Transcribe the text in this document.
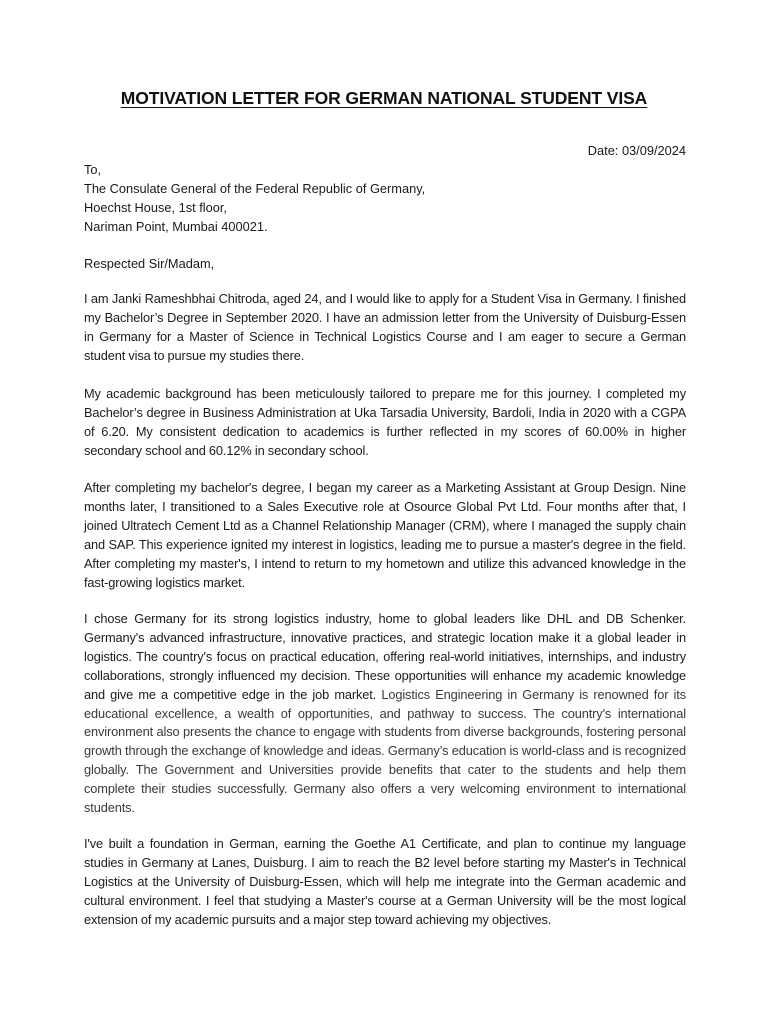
MOTIVATION LETTER FOR GERMAN NATIONAL STUDENT VISA
Date: 03/09/2024
To,
The Consulate General of the Federal Republic of Germany,
Hoechst House, 1st floor,
Nariman Point, Mumbai 400021.
Respected Sir/Madam,
I am Janki Rameshbhai Chitroda, aged 24, and I would like to apply for a Student Visa in Germany. I finished my Bachelor’s Degree in September 2020. I have an admission letter from the University of Duisburg-Essen in Germany for a Master of Science in Technical Logistics Course and I am eager to secure a German student visa to pursue my studies there.
My academic background has been meticulously tailored to prepare me for this journey. I completed my Bachelor’s degree in Business Administration at Uka Tarsadia University, Bardoli, India in 2020 with a CGPA of 6.20. My consistent dedication to academics is further reflected in my scores of 60.00% in higher secondary school and 60.12% in secondary school.
After completing my bachelor's degree, I began my career as a Marketing Assistant at Group Design. Nine months later, I transitioned to a Sales Executive role at Osource Global Pvt Ltd. Four months after that, I joined Ultratech Cement Ltd as a Channel Relationship Manager (CRM), where I managed the supply chain and SAP. This experience ignited my interest in logistics, leading me to pursue a master's degree in the field. After completing my master's, I intend to return to my hometown and utilize this advanced knowledge in the fast-growing logistics market.
I chose Germany for its strong logistics industry, home to global leaders like DHL and DB Schenker. Germany's advanced infrastructure, innovative practices, and strategic location make it a global leader in logistics. The country's focus on practical education, offering real-world initiatives, internships, and industry collaborations, strongly influenced my decision. These opportunities will enhance my academic knowledge and give me a competitive edge in the job market. Logistics Engineering in Germany is renowned for its educational excellence, a wealth of opportunities, and pathway to success. The country's international environment also presents the chance to engage with students from diverse backgrounds, fostering personal growth through the exchange of knowledge and ideas. Germany’s education is world-class and is recognized globally. The Government and Universities provide benefits that cater to the students and help them complete their studies successfully. Germany also offers a very welcoming environment to international students.
I've built a foundation in German, earning the Goethe A1 Certificate, and plan to continue my language studies in Germany at Lanes, Duisburg. I aim to reach the B2 level before starting my Master's in Technical Logistics at the University of Duisburg-Essen, which will help me integrate into the German academic and cultural environment. I feel that studying a Master's course at a German University will be the most logical extension of my academic pursuits and a major step toward achieving my objectives.
